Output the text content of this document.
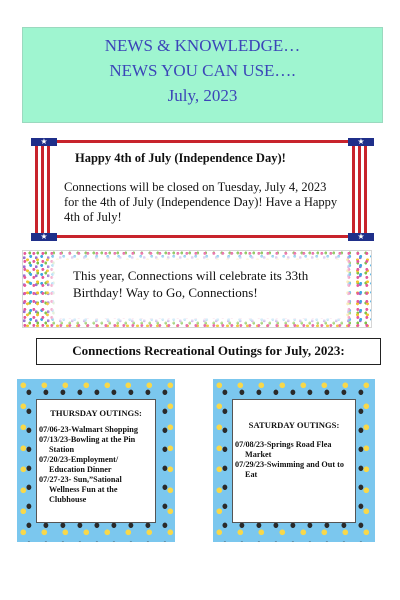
NEWS & KNOWLEDGE…
NEWS YOU CAN USE….
July, 2023
★
★
★
★
Happy 4th of July (Independence Day)!
Connections will be closed on Tuesday, July 4, 2023 for the 4th of July (Independence Day)! Have a Happy 4th of July!
This year, Connections will celebrate its 33th Birthday! Way to Go, Connections!
Connections Recreational Outings for July, 2023:
THURSDAY OUTINGS:
07/06-23-Walmart Shopping
07/13/23-Bowling at the Pin Station
07/20/23-Employment/ Education Dinner
07/27-23- Sun,”Sational Wellness Fun at the Clubhouse
SATURDAY OUTINGS:
07/08/23-Springs Road Flea Market
07/29/23-Swimming and Out to Eat
